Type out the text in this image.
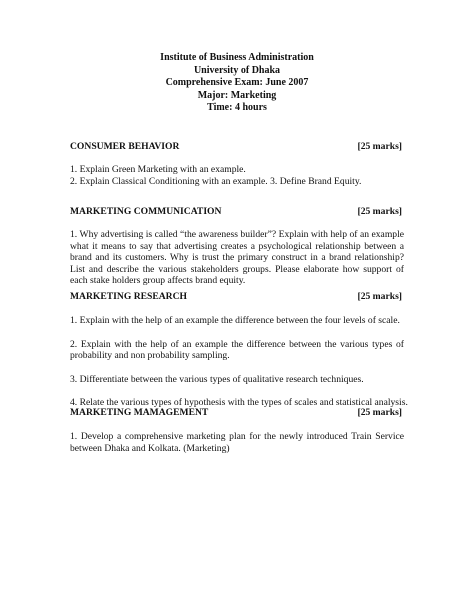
Institute of Business Administration
University of Dhaka
Comprehensive Exam: June 2007
Major: Marketing
Time: 4 hours
CONSUMER BEHAVIOR	[25 marks]

1. Explain Green Marketing with an example.

2. Explain Classical Conditioning with an example. 3. Define Brand Equity.

MARKETING COMMUNICATION	[25 marks]

1. Why advertising is called “the awareness builder”? Explain with help of an example what it means to say that advertising creates a psychological relationship between a brand and its customers. Why is trust the primary construct in a brand relationship? List and describe the various stakeholders groups. Please elaborate how support of each stake holders group affects brand equity.

MARKETING RESEARCH	[25 marks]

1. Explain with the help of an example the difference between the four levels of scale.

2. Explain with the help of an example the difference between the various types of probability and non probability sampling.

3. Differentiate between the various types of qualitative research techniques.

4. Relate the various types of hypothesis with the types of scales and statistical analysis.

MARKETING MAMAGEMENT	[25 marks]

1. Develop a comprehensive marketing plan for the newly introduced Train Service between Dhaka and Kolkata. (Marketing)
